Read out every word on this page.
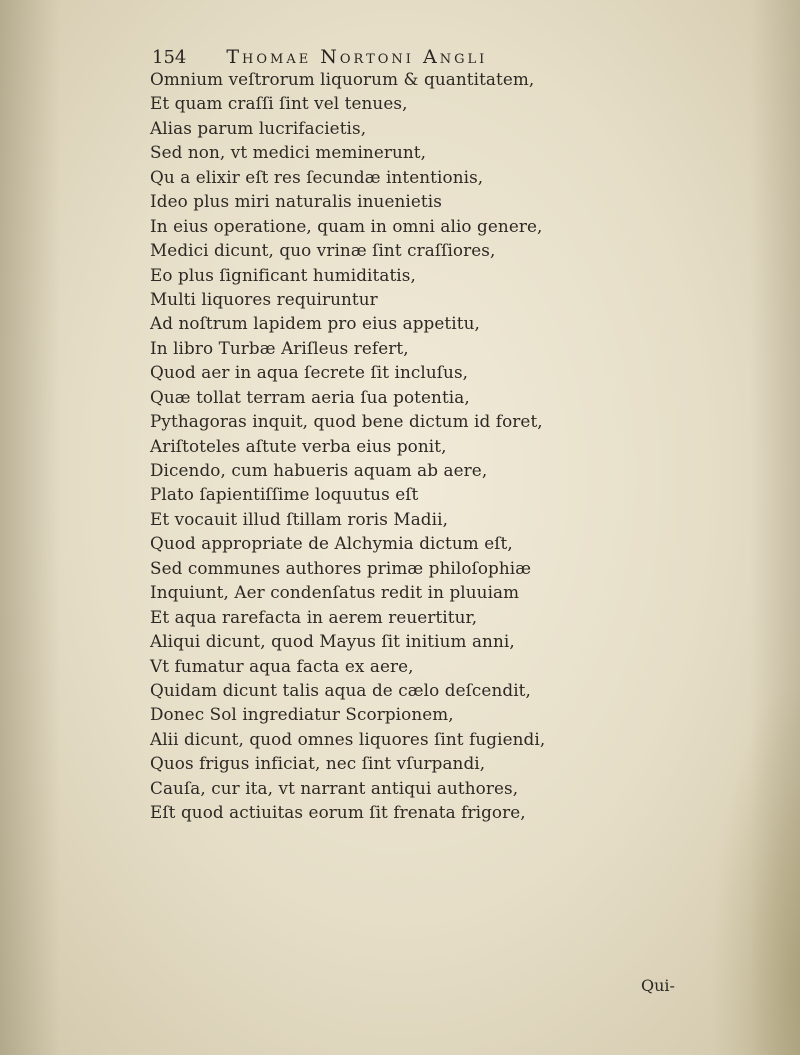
154 Thomae Nortoni Angli
Omnium veſtrorum liquorum & quantitatem,
Et quam craſſi ſint vel tenues,
Alias parum lucrifacietis,
Sed non, vt medici meminerunt,
Qu a elixir eſt res ſecundæ intentionis,
Ideo plus miri naturalis inuenietis
In eius operatione, quam in omni alio genere,
Medici dicunt, quo vrinæ ſint craſſiores,
Eo plus ſignificant humiditatis,
Multi liquores requiruntur
Ad noſtrum lapidem pro eius appetitu,
In libro Turbæ Ariſleus refert,
Quod aer in aqua ſecrete ſit incluſus,
Quæ tollat terram aeria ſua potentia,
Pythagoras inquit, quod bene dictum id foret,
Ariſtoteles aſtute verba eius ponit,
Dicendo, cum habueris aquam ab aere,
Plato ſapientiſſime loquutus eſt
Et vocauit illud ſtillam roris Madii,
Quod appropriate de Alchymia dictum eſt,
Sed communes authores primæ philoſophiæ
Inquiunt, Aer condenſatus redit in pluuiam
Et aqua rarefacta in aerem reuertitur,
Aliqui dicunt, quod Mayus ſit initium anni,
Vt fumatur aqua facta ex aere,
Quidam dicunt talis aqua de cælo deſcendit,
Donec Sol ingrediatur Scorpionem,
Alii dicunt, quod omnes liquores ſint fugiendi,
Quos frigus inficiat, nec ſint vſurpandi,
Cauſa, cur ita, vt narrant antiqui authores,
Eſt quod actiuitas eorum ſit frenata frigore,
Qui-
